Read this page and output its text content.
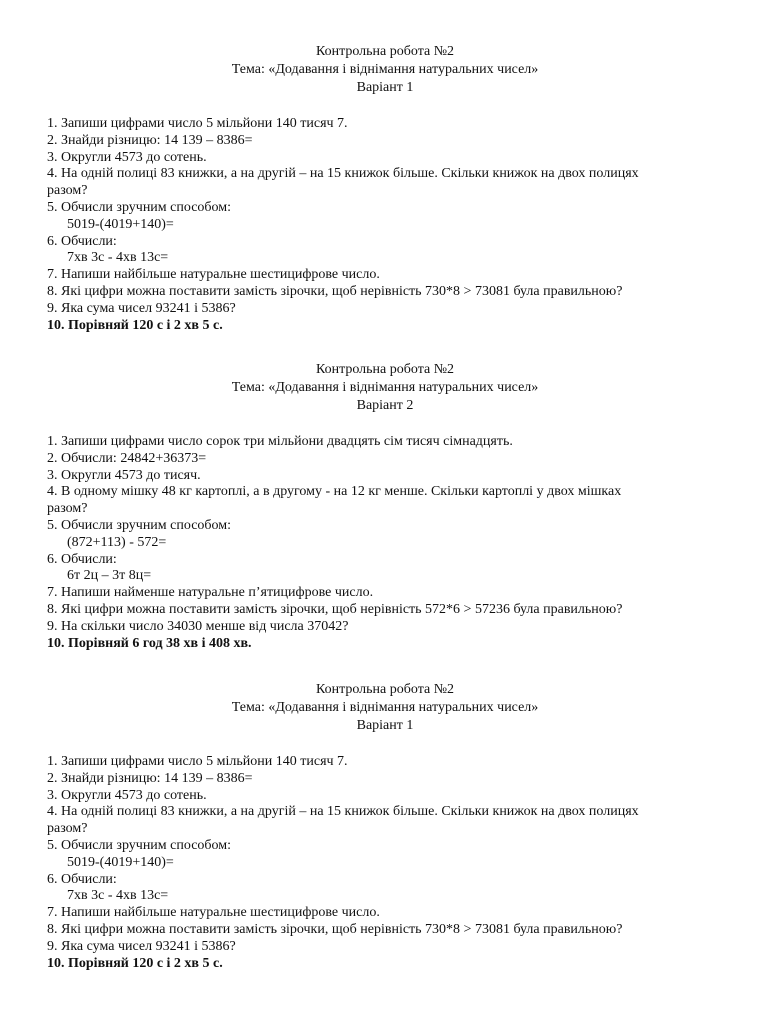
Контрольна робота №2
Тема: «Додавання і віднімання натуральних чисел»
Варіант 1
1. Запиши цифрами число 5 мільйони 140 тисяч 7.
2. Знайди різницю: 14 139 – 8386=
3. Округли 4573 до сотень.
4. На одній полиці 83 книжки, а на другій – на 15 книжок більше. Скільки книжок на двох полицях
разом?
5. Обчисли зручним способом:
5019-(4019+140)=
6. Обчисли:
7хв 3с - 4хв 13с=
7. Напиши найбільше натуральне шестицифрове число.
8. Які цифри можна поставити замість зірочки, щоб нерівність 730*8 > 73081 була правильною?
9. Яка сума чисел 93241 і 5386?
10. Порівняй 120 с і 2 хв 5 с.
Контрольна робота №2
Тема: «Додавання і віднімання натуральних чисел»
Варіант 2
1. Запиши цифрами число сорок три мільйони двадцять сім тисяч сімнадцять.
2. Обчисли: 24842+36373=
3. Округли 4573 до тисяч.
4. В одному мішку 48 кг картоплі, а в другому - на 12 кг менше. Скільки картоплі у двох мішках
разом?
5. Обчисли зручним способом:
(872+113) - 572=
6. Обчисли:
6т 2ц – 3т 8ц=
7. Напиши найменше натуральне п’ятицифрове число.
8. Які цифри можна поставити замість зірочки, щоб нерівність 572*6 > 57236 була правильною?
9. На скільки число 34030 менше від числа 37042?
10. Порівняй 6 год 38 хв і 408 хв.
Контрольна робота №2
Тема: «Додавання і віднімання натуральних чисел»
Варіант 1
1. Запиши цифрами число 5 мільйони 140 тисяч 7.
2. Знайди різницю: 14 139 – 8386=
3. Округли 4573 до сотень.
4. На одній полиці 83 книжки, а на другій – на 15 книжок більше. Скільки книжок на двох полицях
разом?
5. Обчисли зручним способом:
5019-(4019+140)=
6. Обчисли:
7хв 3с - 4хв 13с=
7. Напиши найбільше натуральне шестицифрове число.
8. Які цифри можна поставити замість зірочки, щоб нерівність 730*8 > 73081 була правильною?
9. Яка сума чисел 93241 і 5386?
10. Порівняй 120 с і 2 хв 5 с.
